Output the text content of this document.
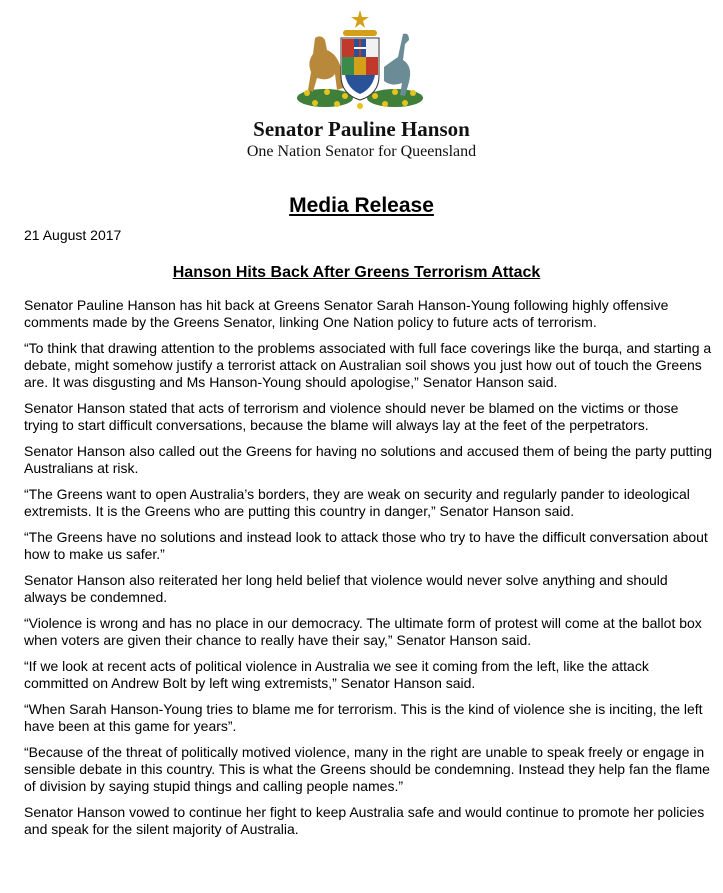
Senator Pauline Hanson
One Nation Senator for Queensland
Media Release
21 August 2017
Hanson Hits Back After Greens Terrorism Attack

Senator Pauline Hanson has hit back at Greens Senator Sarah Hanson-Young following highly offensive comments made by the Greens Senator, linking One Nation policy to future acts of terrorism.

“To think that drawing attention to the problems associated with full face coverings like the burqa, and starting a debate, might somehow justify a terrorist attack on Australian soil shows you just how out of touch the Greens are. It was disgusting and Ms Hanson-Young should apologise,” Senator Hanson said.

Senator Hanson stated that acts of terrorism and violence should never be blamed on the victims or those trying to start difficult conversations, because the blame will always lay at the feet of the perpetrators.

Senator Hanson also called out the Greens for having no solutions and accused them of being the party putting Australians at risk.

“The Greens want to open Australia’s borders, they are weak on security and regularly pander to ideological extremists. It is the Greens who are putting this country in danger,” Senator Hanson said.

“The Greens have no solutions and instead look to attack those who try to have the difficult conversation about how to make us safer.”

Senator Hanson also reiterated her long held belief that violence would never solve anything and should always be condemned.

“Violence is wrong and has no place in our democracy. The ultimate form of protest will come at the ballot box when voters are given their chance to really have their say,” Senator Hanson said.

“If we look at recent acts of political violence in Australia we see it coming from the left, like the attack committed on Andrew Bolt by left wing extremists,” Senator Hanson said.

“When Sarah Hanson-Young tries to blame me for terrorism. This is the kind of violence she is inciting, the left have been at this game for years”.

“Because of the threat of politically motived violence, many in the right are unable to speak freely or engage in sensible debate in this country. This is what the Greens should be condemning. Instead they help fan the flame of division by saying stupid things and calling people names.”

Senator Hanson vowed to continue her fight to keep Australia safe and would continue to promote her policies and speak for the silent majority of Australia.
